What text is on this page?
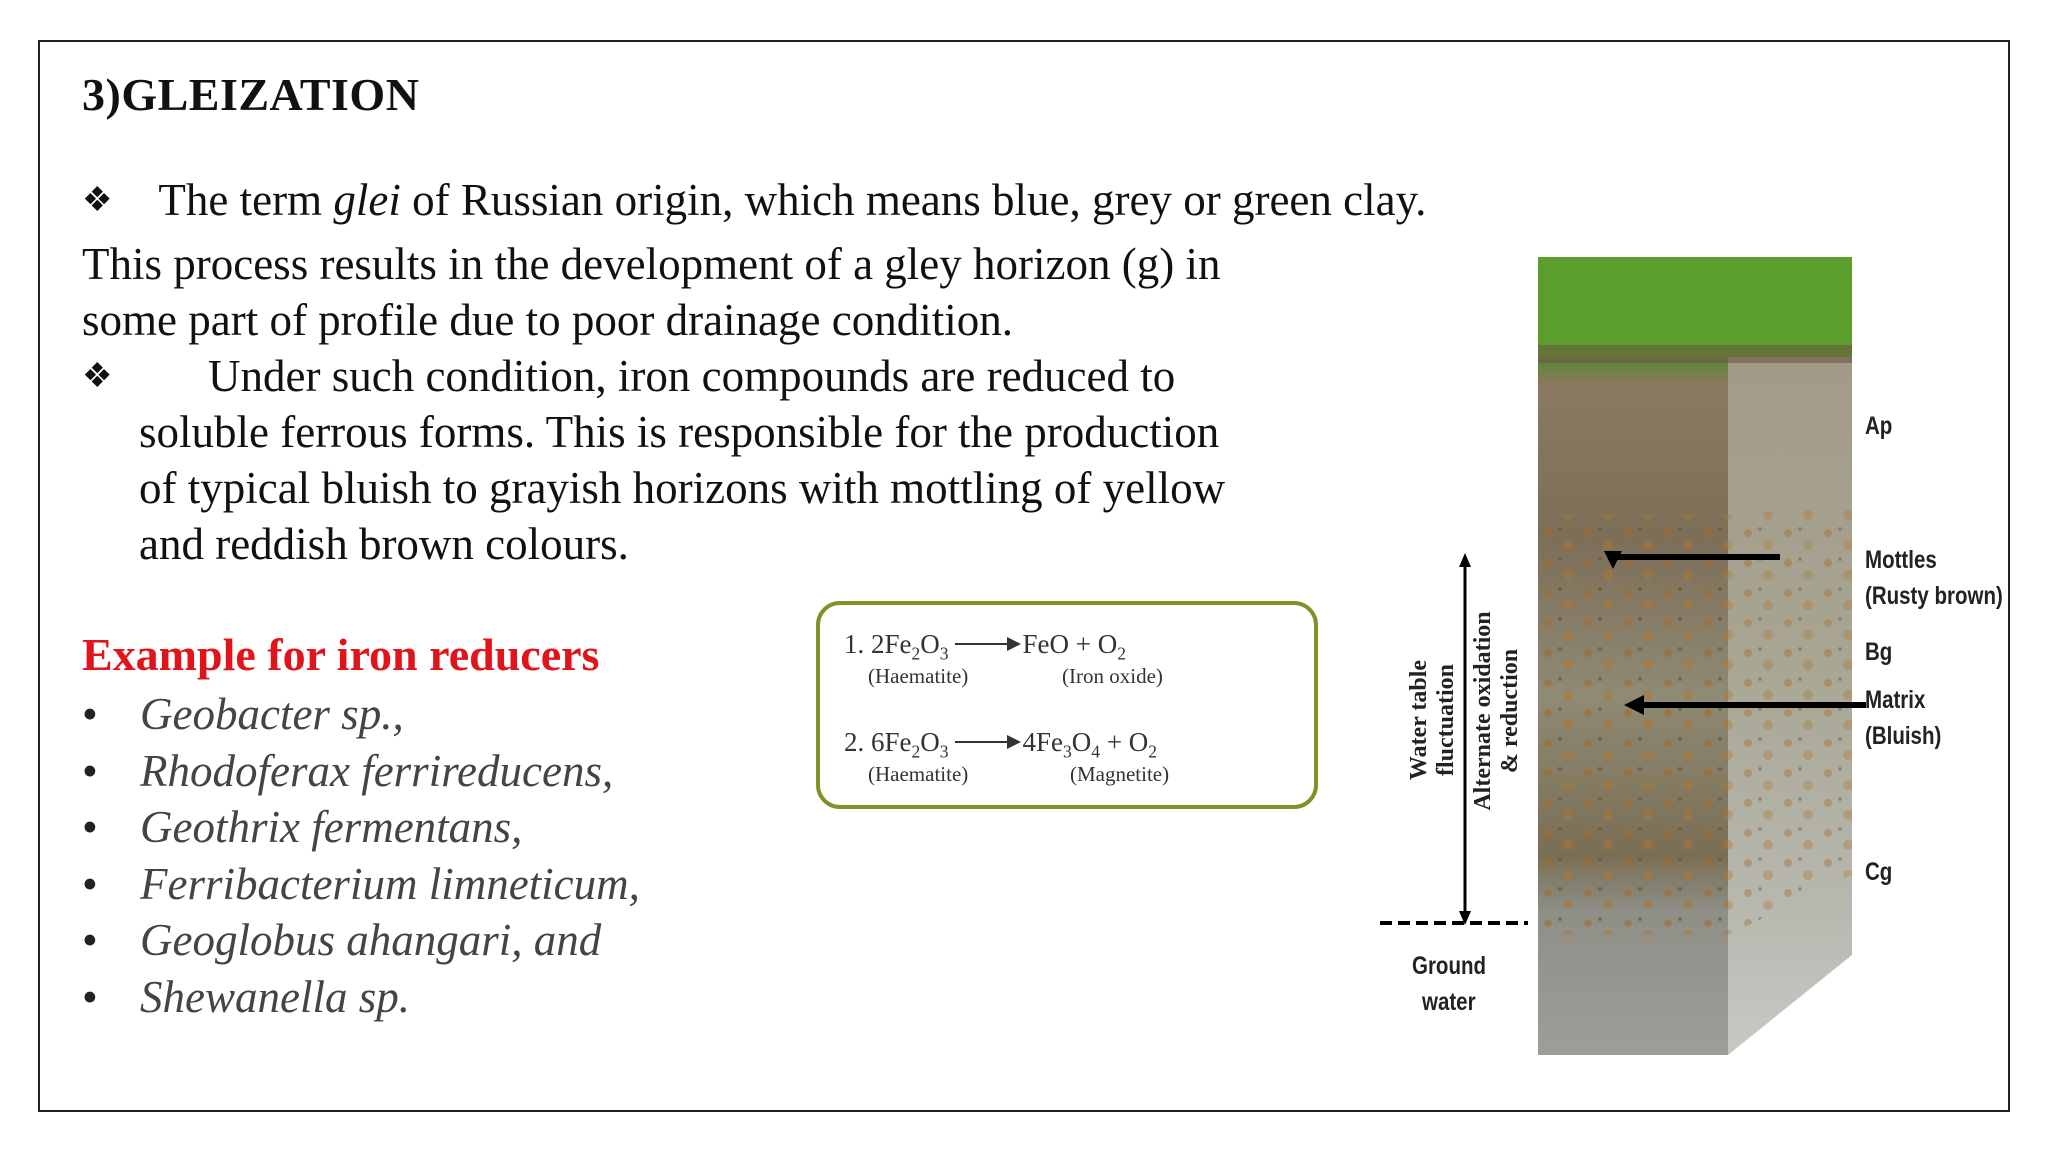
3)GLEIZATION
❖ The term glei of Russian origin, which means blue, grey or green clay.
This process results in the development of a gley horizon (g) in
some part of profile due to poor drainage condition.
❖ Under such condition, iron compounds are reduced to
soluble ferrous forms. This is responsible for the production
of typical bluish to grayish horizons with mottling of yellow
and reddish brown colours.
Example for iron reducers
• Geobacter sp.,
• Rhodoferax ferrireducens,
• Geothrix fermentans,
• Ferribacterium limneticum,
• Geoglobus ahangari, and
• Shewanella sp.
1. $2Fe_2O_3$ → FeO + $O_2$
(Haematite)	(Iron oxide)
2. $6Fe_2O_3 \to 4Fe_3O_4 + O_2$
(Haematite)	(Magnetite)
Ap
Mottles
(Rusty brown)
Bg
Matrix
(Bluish)
Cg
Ground
water
Water table fluctuation Alternate oxidation & reduction
